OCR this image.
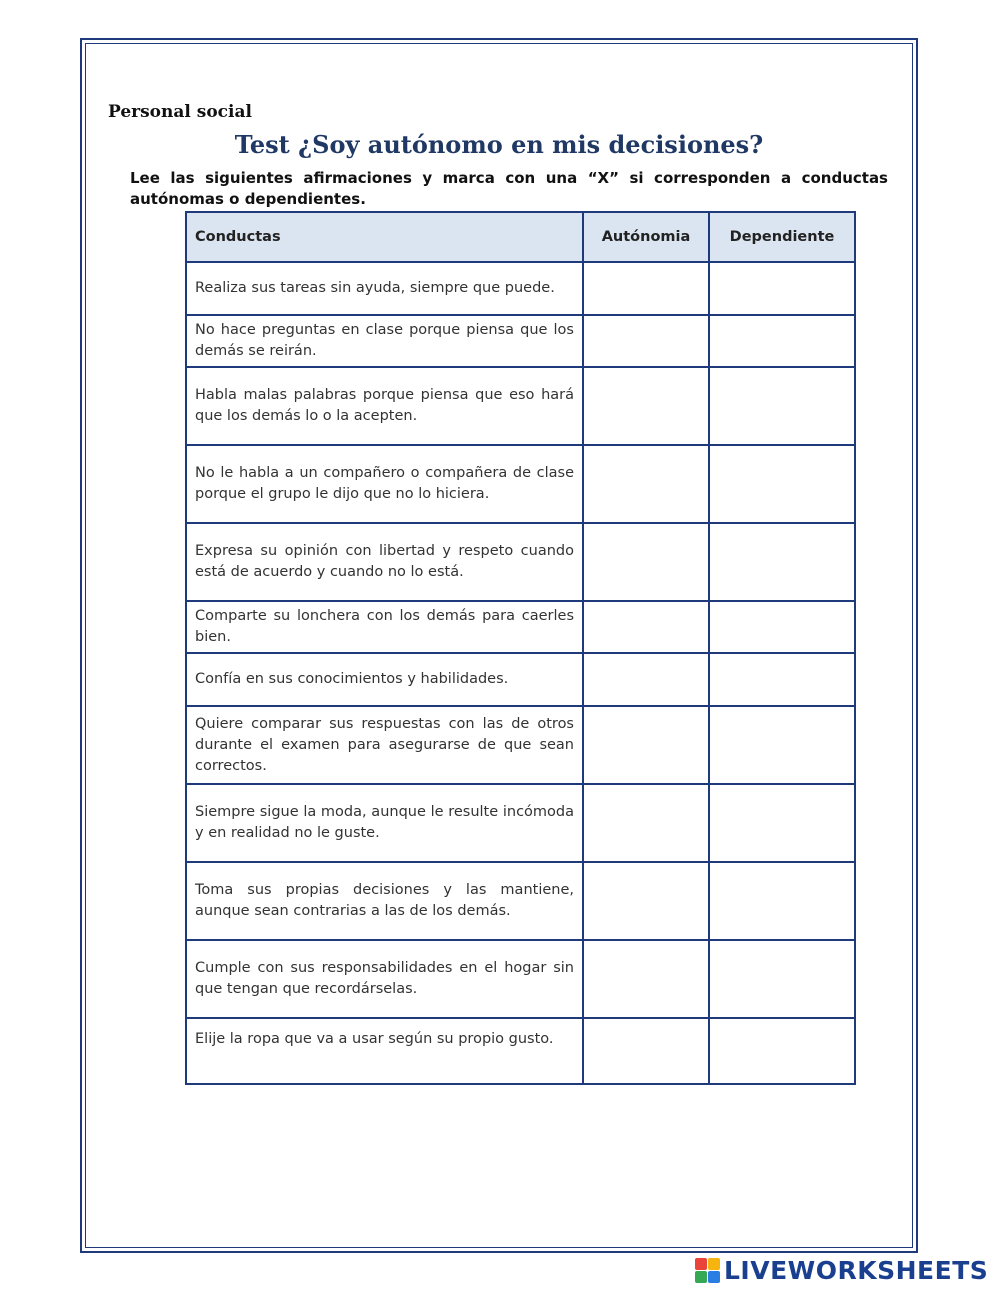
Personal social
Test ¿Soy autónomo en mis decisiones?
Lee las siguientes afirmaciones y marca con una “X” si corresponden a conductas autónomas o dependientes.
Conductas	Autónomia	Dependiente
Realiza sus tareas sin ayuda, siempre que puede.		
No hace preguntas en clase porque piensa que los demás se reirán.		
Habla malas palabras porque piensa que eso hará que los demás lo o la acepten.		
No le habla a un compañero o compañera de clase porque el grupo le dijo que no lo hiciera.		
Expresa su opinión con libertad y respeto cuando está de acuerdo y cuando no lo está.		
Comparte su lonchera con los demás para caerles bien.		
Confía en sus conocimientos y habilidades.		
Quiere comparar sus respuestas con las de otros durante el examen para asegurarse de que sean correctos.		
Siempre sigue la moda, aunque le resulte incómoda y en realidad no le guste.		
Toma sus propias decisiones y las mantiene, aunque sean contrarias a las de los demás.		
Cumple con sus responsabilidades en el hogar sin que tengan que recordárselas.		
Elije la ropa que va a usar según su propio gusto.		
LIVEWORKSHEETS
